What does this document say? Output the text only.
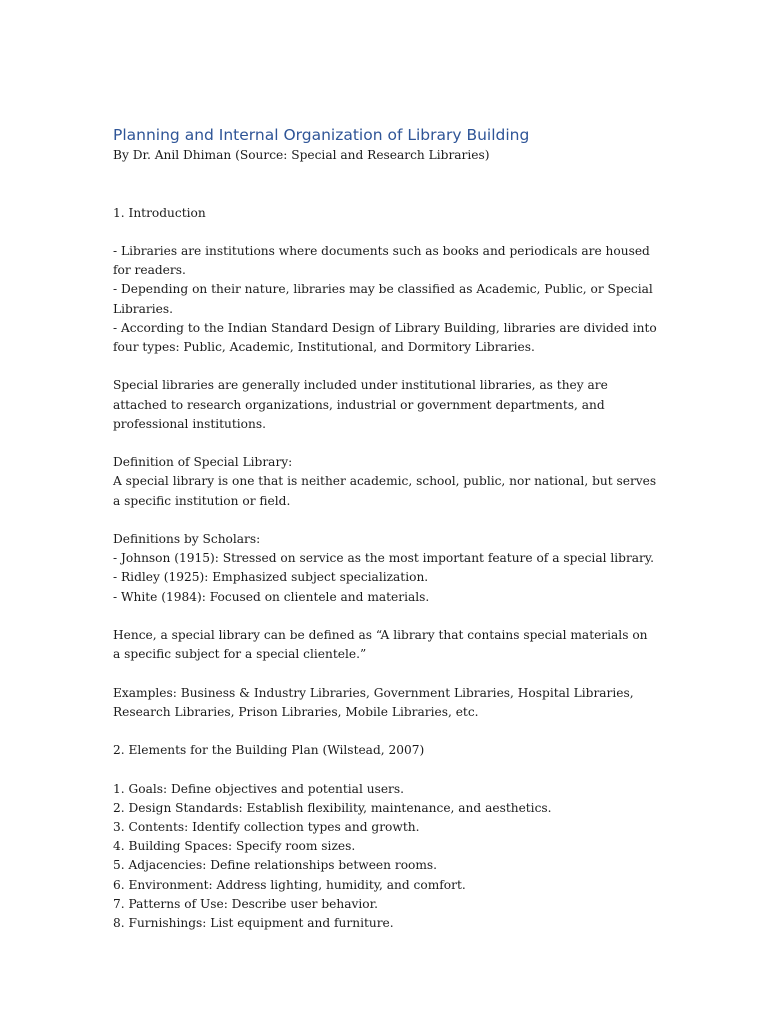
Planning and Internal Organization of Library Building

By Dr. Anil Dhiman (Source: Special and Research Libraries)

1. Introduction

- Libraries are institutions where documents such as books and periodicals are housed for readers.

- Depending on their nature, libraries may be classified as Academic, Public, or Special Libraries.

- According to the Indian Standard Design of Library Building, libraries are divided into four types: Public, Academic, Institutional, and Dormitory Libraries.

Special libraries are generally included under institutional libraries, as they are attached to research organizations, industrial or government departments, and professional institutions.

Definition of Special Library:

A special library is one that is neither academic, school, public, nor national, but serves a specific institution or field.

Definitions by Scholars:

- Johnson (1915): Stressed on service as the most important feature of a special library.

- Ridley (1925): Emphasized subject specialization.

- White (1984): Focused on clientele and materials.

Hence, a special library can be defined as “A library that contains special materials on a specific subject for a special clientele.”

Examples: Business & Industry Libraries, Government Libraries, Hospital Libraries, Research Libraries, Prison Libraries, Mobile Libraries, etc.

2. Elements for the Building Plan (Wilstead, 2007)

1. Goals: Define objectives and potential users.

2. Design Standards: Establish flexibility, maintenance, and aesthetics.

3. Contents: Identify collection types and growth.

4. Building Spaces: Specify room sizes.

5. Adjacencies: Define relationships between rooms.

6. Environment: Address lighting, humidity, and comfort.

7. Patterns of Use: Describe user behavior.

8. Furnishings: List equipment and furniture.
